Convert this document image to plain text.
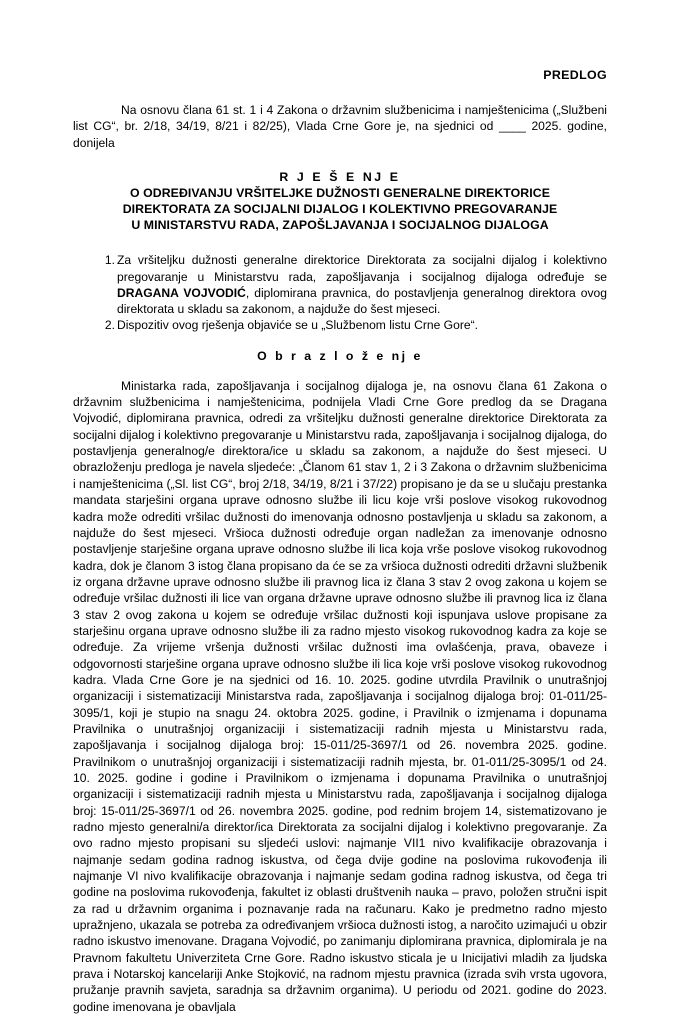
PREDLOG

Na osnovu člana 61 st. 1 i 4 Zakona o državnim službenicima i namještenicima („Službeni list CG“, br. 2/18, 34/19, 8/21 i 82/25), Vlada Crne Gore je, na sjednici od ____ 2025. godine, donijela

R J E Š E NJ E
O ODREĐIVANJU VRŠITELJKE DUŽNOSTI GENERALNE DIREKTORICE
DIREKTORATA ZA SOCIJALNI DIJALOG I KOLEKTIVNO PREGOVARANJE
U MINISTARSTVU RADA, ZAPOŠLJAVANJA I SOCIJALNOG DIJALOGA
1. Za vršiteljku dužnosti generalne direktorice Direktorata za socijalni dijalog i kolektivno pregovaranje u Ministarstvu rada, zapošljavanja i socijalnog dijaloga određuje se DRAGANA VOJVODIĆ, diplomirana pravnica, do postavljenja generalnog direktora ovog direktorata u skladu sa zakonom, a najduže do šest mjeseci.
2. Dispozitiv ovog rješenja objaviće se u „Službenom listu Crne Gore“.
O b r a z l o ž e nj e

Ministarka rada, zapošljavanja i socijalnog dijaloga je, na osnovu člana 61 Zakona o državnim službenicima i namještenicima, podnijela Vladi Crne Gore predlog da se Dragana Vojvodić, diplomirana pravnica, odredi za vršiteljku dužnosti generalne direktorice Direktorata za socijalni dijalog i kolektivno pregovaranje u Ministarstvu rada, zapošljavanja i socijalnog dijaloga, do postavljenja generalnog/e direktora/ice u skladu sa zakonom, a najduže do šest mjeseci. U obrazloženju predloga je navela sljedeće: „Članom 61 stav 1, 2 i 3 Zakona o državnim službenicima i namještenicima („Sl. list CG“, broj 2/18, 34/19, 8/21 i 37/22) propisano je da se u slučaju prestanka mandata starješini organa uprave odnosno službe ili licu koje vrši poslove visokog rukovodnog kadra može odrediti vršilac dužnosti do imenovanja odnosno postavljenja u skladu sa zakonom, a najduže do šest mjeseci. Vršioca dužnosti određuje organ nadležan za imenovanje odnosno postavljenje starješine organa uprave odnosno službe ili lica koja vrše poslove visokog rukovodnog kadra, dok je članom 3 istog člana propisano da će se za vršioca dužnosti odrediti državni službenik iz organa državne uprave odnosno službe ili pravnog lica iz člana 3 stav 2 ovog zakona u kojem se određuje vršilac dužnosti ili lice van organa državne uprave odnosno službe ili pravnog lica iz člana 3 stav 2 ovog zakona u kojem se određuje vršilac dužnosti koji ispunjava uslove propisane za starješinu organa uprave odnosno službe ili za radno mjesto visokog rukovodnog kadra za koje se određuje. Za vrijeme vršenja dužnosti vršilac dužnosti ima ovlašćenja, prava, obaveze i odgovornosti starješine organa uprave odnosno službe ili lica koje vrši poslove visokog rukovodnog kadra. Vlada Crne Gore je na sjednici od 16. 10. 2025. godine utvrdila Pravilnik o unutrašnjoj organizaciji i sistematizaciji Ministarstva rada, zapošljavanja i socijalnog dijaloga broj: 01-011/25-3095/1, koji je stupio na snagu 24. oktobra 2025. godine, i Pravilnik o izmjenama i dopunama Pravilnika o unutrašnjoj organizaciji i sistematizaciji radnih mjesta u Ministarstvu rada, zapošljavanja i socijalnog dijaloga broj: 15-011/25-3697/1 od 26. novembra 2025. godine. Pravilnikom o unutrašnjoj organizaciji i sistematizaciji radnih mjesta, br. 01-011/25-3095/1 od 24. 10. 2025. godine i godine i Pravilnikom o izmjenama i dopunama Pravilnika o unutrašnjoj organizaciji i sistematizaciji radnih mjesta u Ministarstvu rada, zapošljavanja i socijalnog dijaloga broj: 15-011/25-3697/1 od 26. novembra 2025. godine, pod rednim brojem 14, sistematizovano je radno mjesto generalni/a direktor/ica Direktorata za socijalni dijalog i kolektivno pregovaranje. Za ovo radno mjesto propisani su sljedeći uslovi: najmanje VII1 nivo kvalifikacije obrazovanja i najmanje sedam godina radnog iskustva, od čega dvije godine na poslovima rukovođenja ili najmanje VI nivo kvalifikacije obrazovanja i najmanje sedam godina radnog iskustva, od čega tri godine na poslovima rukovođenja, fakultet iz oblasti društvenih nauka – pravo, položen stručni ispit za rad u državnim organima i poznavanje rada na računaru. Kako je predmetno radno mjesto upražnjeno, ukazala se potreba za određivanjem vršioca dužnosti istog, a naročito uzimajući u obzir radno iskustvo imenovane. Dragana Vojvodić, po zanimanju diplomirana pravnica, diplomirala je na Pravnom fakultetu Univerziteta Crne Gore. Radno iskustvo sticala je u Inicijativi mladih za ljudska prava i Notarskoj kancelariji Anke Stojković, na radnom mjestu pravnica (izrada svih vrsta ugovora, pružanje pravnih savjeta, saradnja sa državnim organima). U periodu od 2021. godine do 2023. godine imenovana je obavljala
